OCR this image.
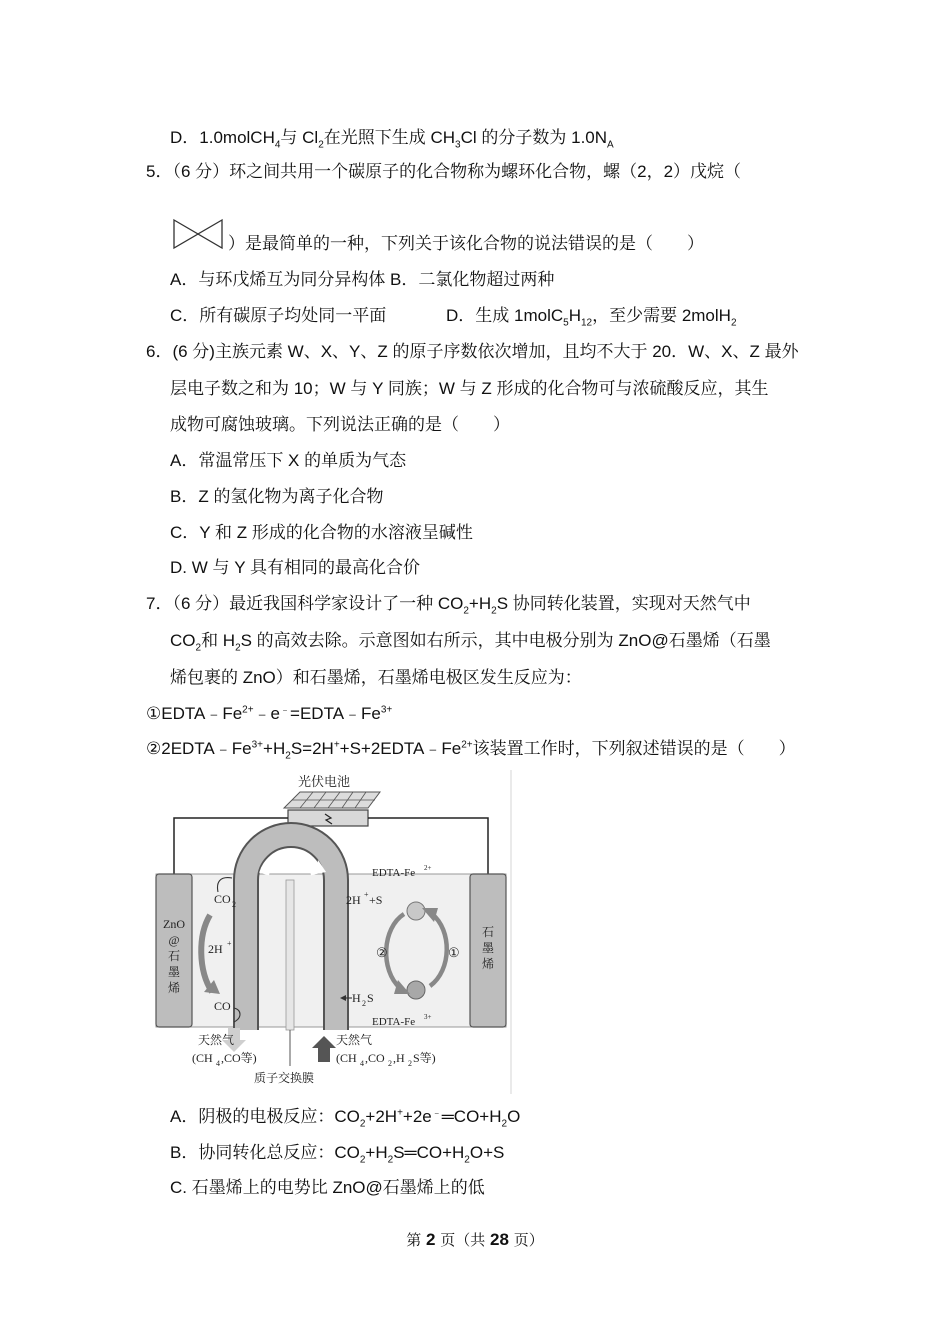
D．1.0molCH$_4$与 $Cl_2$在光照下生成 $CH_3Cl$ 的分子数为 $1.0N_A$
5．（6 分）环之间共用一个碳原子的化合物称为螺环化合物，螺（2，2）戊烷（
）是最简单的一种，下列关于该化合物的说法错误的是（　　）
A．与环戊烯互为同分异构体 B．二氯化物超过两种
C．所有碳原子均处同一平面	D．生成 $1molC_5H_{12}$，至少需要 2molH$_2$
6．(6 分)主族元素 W、X、Y、Z 的原子序数依次增加，且均不大于 20．W、X、Z 最外
层电子数之和为 10；W 与 Y 同族；W 与 Z 形成的化合物可与浓硫酸反应，其生
成物可腐蚀玻璃。下列说法正确的是（　　）
A．常温常压下 X 的单质为气态
B．Z 的氢化物为离子化合物
C．Y 和 Z 形成的化合物的水溶液呈碱性
D. W 与 Y 具有相同的最高化合价
7．（6 分）最近我国科学家设计了一种 $CO_2+H_2S$ 协同转化装置，实现对天然气中
$CO_2$和 $H_2S$ 的高效去除。示意图如右所示，其中电极分别为 ZnO@石墨烯（石墨
烯包裹的 ZnO）和石墨烯，石墨烯电极区发生反应为：
$①EDTA﹣Fe^{2+}﹣e^﹣=EDTA﹣Fe^{3+}$
$②2EDTA﹣Fe^{3+}+H_2S=2H^++S+2EDTA﹣Fe^{2+}$该装置工作时，下列叙述错误的是（　　）
光伏电池
ZnO
@
石
墨
烯
石
墨
烯
CO 2
2H +
CO
2H + +S
EDTA-Fe 2+
②	①
H 2 S
EDTA-Fe 3+
天然气
(CH 4 ,CO等)
天然气
(CH 4 ,CO 2 ,H 2 S等)
质子交换膜
A．阴极的电极反应：$CO_2+2H^++2e^﹣═CO+H_2O$
B．协同转化总反应：$CO_2+H_2S═CO+H_2O+S$
C. 石墨烯上的电势比 ZnO@石墨烯上的低
第 2 页（共 28 页）
